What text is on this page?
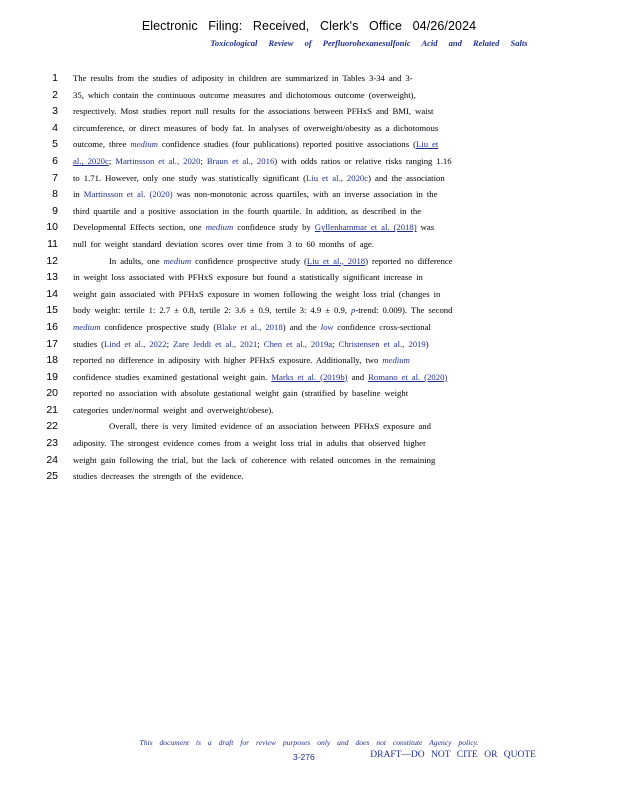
Electronic Filing: Received, Clerk's Office 04/26/2024
Toxicological Review of Perfluorohexanesulfonic Acid and Related Salts
1 The results from the studies of adiposity in children are summarized in Tables 3-34 and 3-
2 35, which contain the continuous outcome measures and dichotomous outcome (overweight),
3 respectively. Most studies report null results for the associations between PFHxS and BMI, waist
4 circumference, or direct measures of body fat. In analyses of overweight/obesity as a dichotomous
5 outcome, three medium confidence studies (four publications) reported positive associations (Liu et
6 al., 2020c; Martinsson et al., 2020; Braun et al., 2016) with odds ratios or relative risks ranging 1.16
7 to 1.71. However, only one study was statistically significant (Liu et al., 2020c) and the association
8 in Martinsson et al. (2020) was non-monotonic across quartiles, with an inverse association in the
9 third quartile and a positive association in the fourth quartile. In addition, as described in the
10 Developmental Effects section, one medium confidence study by Gyllenhammar et al. (2018) was
11 null for weight standard deviation scores over time from 3 to 60 months of age.
12	In adults, one medium confidence prospective study (Liu et al., 2018) reported no difference
13 in weight loss associated with PFHxS exposure but found a statistically significant increase in
14 weight gain associated with PFHxS exposure in women following the weight loss trial (changes in
15 body weight: tertile 1: 2.7 ± 0.8, tertile 2: 3.6 ± 0.9, tertile 3: 4.9 ± 0.9, p-trend: 0.009). The second
16 medium confidence prospective study (Blake et al., 2018) and the low confidence cross-sectional
17 studies (Lind et al., 2022; Zare Jeddi et al., 2021; Chen et al., 2019a; Christensen et al., 2019)
18 reported no difference in adiposity with higher PFHxS exposure. Additionally, two medium
19 confidence studies examined gestational weight gain. Marks et al. (2019b) and Romano et al. (2020)
20 reported no association with absolute gestational weight gain (stratified by baseline weight
21 categories under/normal weight and overweight/obese).
22	Overall, there is very limited evidence of an association between PFHxS exposure and
23 adiposity. The strongest evidence comes from a weight loss trial in adults that observed higher
24 weight gain following the trial, but the lack of coherence with related outcomes in the remaining
25 studies decreases the strength of the evidence.
This document is a draft for review purposes only and does not constitute Agency policy.
3-276	DRAFT—DO NOT CITE OR QUOTE
